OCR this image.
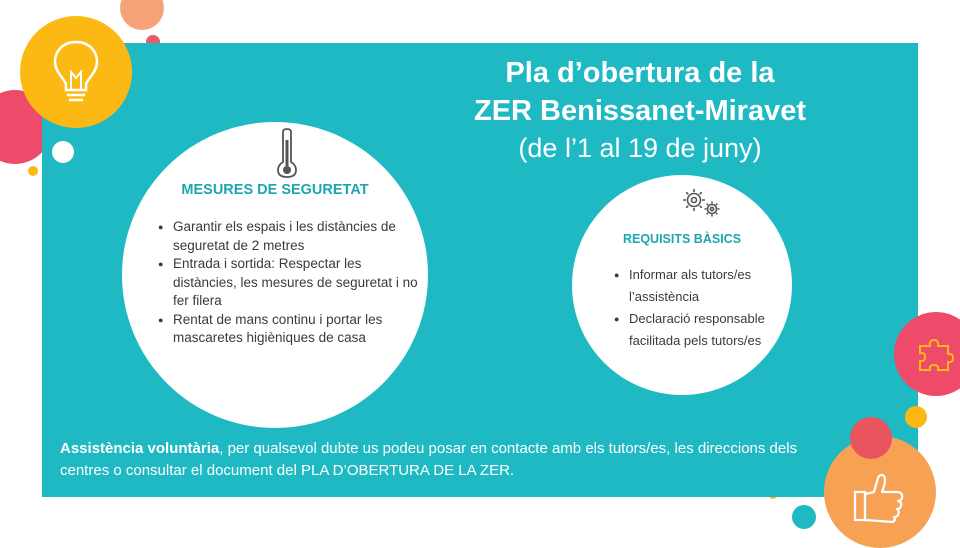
Pla d’obertura de la
ZER Benissanet-Miravet
(de l’1 al 19 de juny)
MESURES DE SEGURETAT
● Garantir els espais i les distàncies de seguretat de 2 metres
● Entrada i sortida: Respectar les distàncies, les mesures de seguretat i no fer filera
● Rentat de mans continu i portar les mascaretes higièniques de casa
REQUISITS BÀSICS
● Informar als tutors/es l’assistència
● Declaració responsable facilitada pels tutors/es
Assistència voluntària, per qualsevol dubte us podeu posar en contacte amb els tutors/es, les direccions dels centres o consultar el document del PLA D’OBERTURA DE LA ZER.
